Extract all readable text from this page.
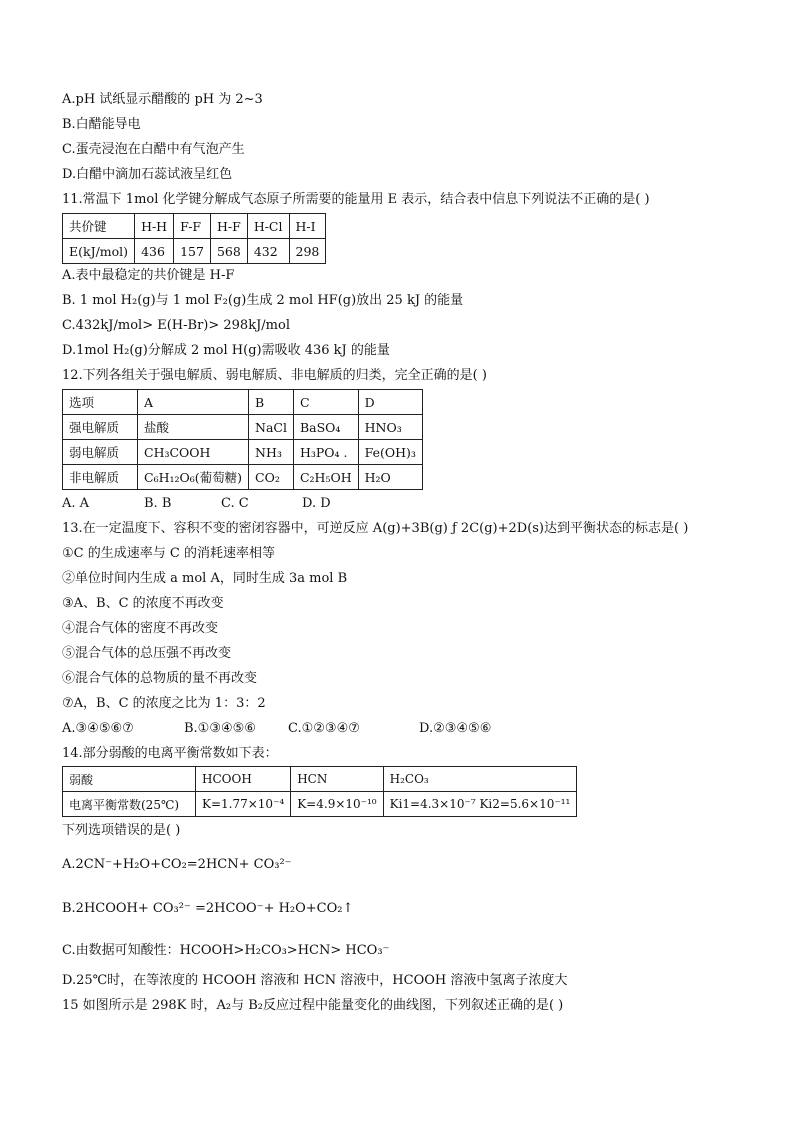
A.pH 试纸显示醋酸的 pH 为 2~3
B.白醋能导电
C.蛋壳浸泡在白醋中有气泡产生
D.白醋中滴加石蕊试液呈红色
11.常温下 1mol 化学键分解成气态原子所需要的能量用 E 表示，结合表中信息下列说法不正确的是( )
共价键	H-H	F-F	H-F	H-Cl	H-I
E(kJ/mol)	436	157	568	432	298
A.表中最稳定的共价键是 H-F
B. 1 mol H₂(g)与 1 mol F₂(g)生成 2 mol HF(g)放出 25 kJ 的能量
C.432kJ/mol> E(H-Br)> 298kJ/mol
D.1mol H₂(g)分解成 2 mol H(g)需吸收 436 kJ 的能量
12.下列各组关于强电解质、弱电解质、非电解质的归类，完全正确的是( )
选项	A	B	C	D
强电解质	盐酸	NaCl	BaSO₄	HNO₃
弱电解质	CH₃COOH	NH₃	H₃PO₄ .	Fe(OH)₃
非电解质	C₆H₁₂O₆(葡萄糖)	CO₂	C₂H₅OH	H₂O
A. A	B. B	C. C	D. D
13.在一定温度下、容积不变的密闭容器中，可逆反应 A(g)+3B(g) ƒ 2C(g)+2D(s)达到平衡状态的标志是( )
①C 的生成速率与 C 的消耗速率相等
②单位时间内生成 a mol A，同时生成 3a mol B
③A、B、C 的浓度不再改变
④混合气体的密度不再改变
⑤混合气体的总压强不再改变
⑥混合气体的总物质的量不再改变
⑦A，B、C 的浓度之比为 1：3：2
A.③④⑤⑥⑦	B.①③④⑤⑥ C.①②③④⑦	D.②③④⑤⑥
14.部分弱酸的电离平衡常数如下表：
弱酸	HCOOH	HCN	H₂CO₃
电离平衡常数(25℃)	K=1.77×10⁻⁴	K=4.9×10⁻¹⁰	Ki1=4.3×10⁻⁷ Ki2=5.6×10⁻¹¹
下列选项错误的是( )
A.2CN⁻+H₂O+CO₂=2HCN+ CO₃²⁻
B.2HCOOH+ CO₃²⁻ =2HCOO⁻+ H₂O+CO₂↑
C.由数据可知酸性：HCOOH>H₂CO₃>HCN> HCO₃⁻
D.25℃时，在等浓度的 HCOOH 溶液和 HCN 溶液中，HCOOH 溶液中氢离子浓度大
15 如图所示是 298K 时，A₂与 B₂反应过程中能量变化的曲线图，下列叙述正确的是( )
